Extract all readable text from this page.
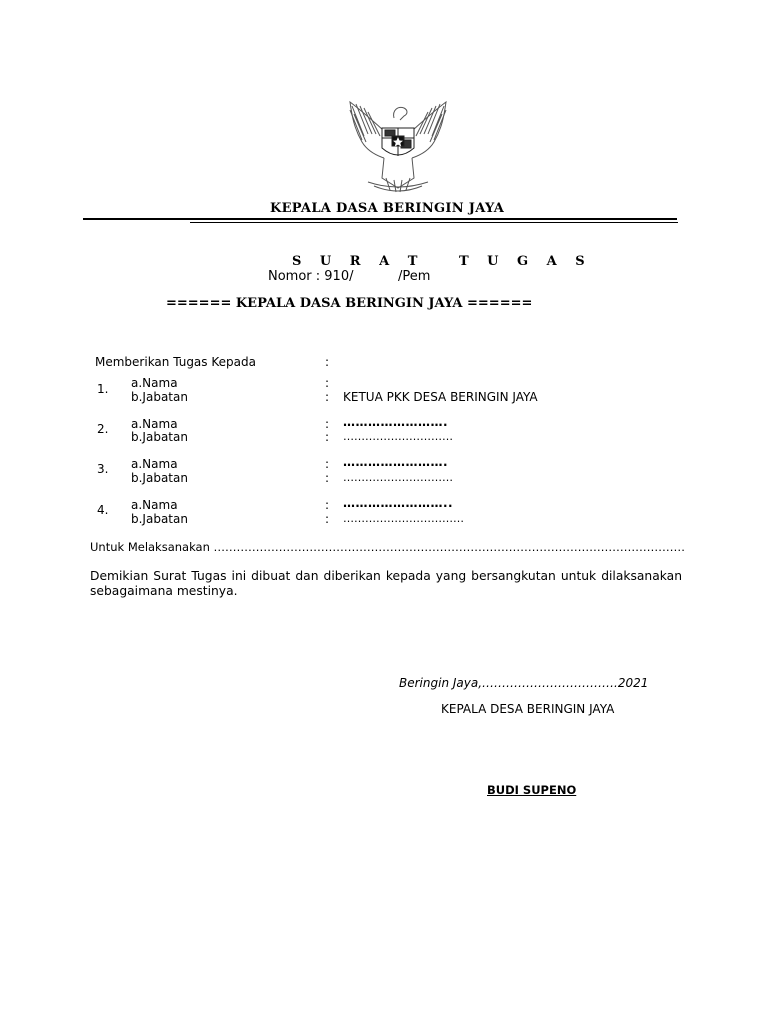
KEPALA DASA BERINGIN JAYA
S U R A T   T U G A S
Nomor : 910/	/Pem
====== KEPALA DASA BERINGIN JAYA ======
Memberikan Tugas Kepada	:
1. a.Nama	:
b.Jabatan	: KETUA PKK DESA BERINGIN JAYA
2. a.Nama	: …………………….
b.Jabatan	: …………………………
3. a.Nama	: …………………….
b.Jabatan	: …………………………
4. a.Nama	: ……………………..
b.Jabatan	: ……………………………
Untuk Melaksanakan ……………………………………………………………………………………………………………
Demikian Surat Tugas ini dibuat dan diberikan kepada yang bersangkutan untuk dilaksanakan sebagaimana mestinya.
Beringin Jaya,…………………………….2021
KEPALA DESA BERINGIN JAYA
BUDI SUPENO
